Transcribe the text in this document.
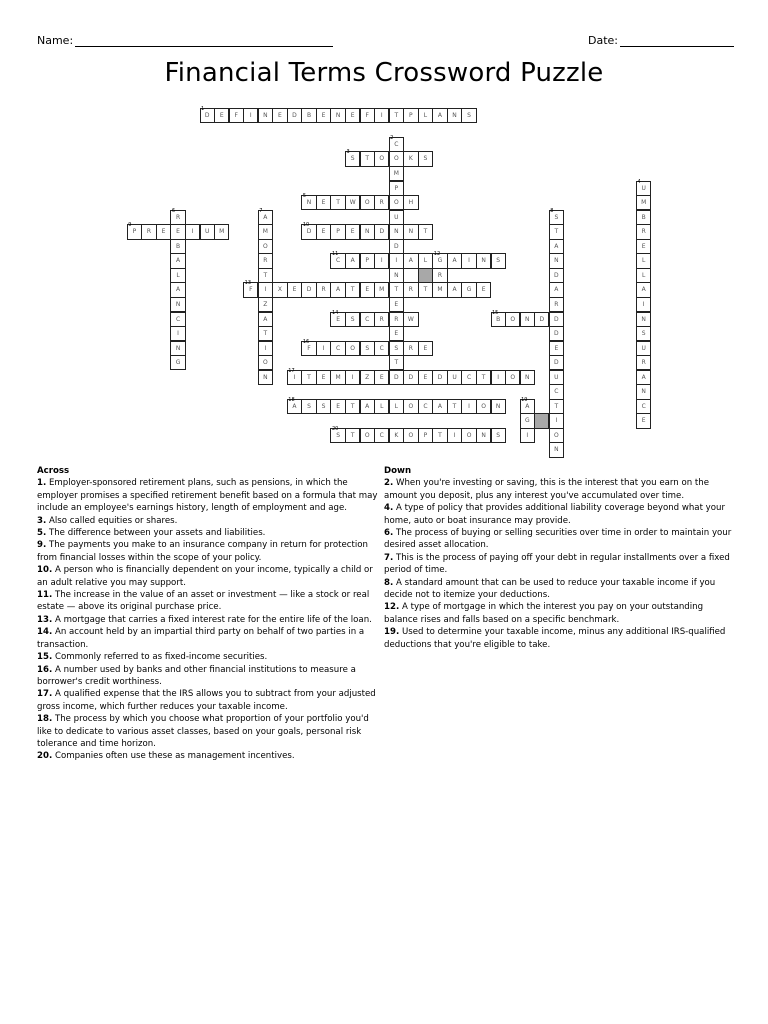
Name:	Date:
Financial Terms Crossword Puzzle
D
1
E	F	I	N	E	D	B	E	N	E	F	I	T	P	L	A	N	S
C
2
O
M
P
O
U
N
D
I
N
T
E
R
E
S
T
S
3
T	O	K	S
U
4
M
B
R
E
L
L
A
I
N
S
U
R
A
N
C
E
N
5
E	T	W	O	R	H
R
6
E
B
A
L
A
N
C
I
N
G
A
7
M
O
R
T
I
Z
A
T
I
O
N
S
8
T
A
N
D
A
R
D
D
E
D
U
C
T
I
O
N
P
9
R	E	I	U	M	D
10
E	P	E	N	D	N	T
C
11
A	P	I	A	L	G
12
A	I	N	S
R
M
F
13
X	E	D	R	A	T	E	M	R	T	A	G	E
E
14
S	C	R	W	B
15
O	N	D
F
16
I	C	O	S	C	R	E
I
17
T	E	M	I	Z	E	D	D	E	D	U	C	T	I	O	N
A
18
S	S	E	T	A	L	L	O	C	A	T	I	O	N	A
19
G
I
S
20
T	O	C	K	O	P	T	I	O	N	S
Across

1. Employer-sponsored retirement plans, such as pensions, in which the employer promises a specified retirement benefit based on a formula that may include an employee's earnings history, length of employment and age.

3. Also called equities or shares.

5. The difference between your assets and liabilities.

9. The payments you make to an insurance company in return for protection from financial losses within the scope of your policy.

10. A person who is financially dependent on your income, typically a child or an adult relative you may support.

11. The increase in the value of an asset or investment — like a stock or real estate — above its original purchase price.

13. A mortgage that carries a fixed interest rate for the entire life of the loan.

14. An account held by an impartial third party on behalf of two parties in a transaction.

15. Commonly referred to as fixed-income securities.

16. A number used by banks and other financial institutions to measure a borrower's credit worthiness.

17. A qualified expense that the IRS allows you to subtract from your adjusted gross income, which further reduces your taxable income.

18. The process by which you choose what proportion of your portfolio you'd like to dedicate to various asset classes, based on your goals, personal risk tolerance and time horizon.

20. Companies often use these as management incentives.

Down

2. When you're investing or saving, this is the interest that you earn on the amount you deposit, plus any interest you've accumulated over time.

4. A type of policy that provides additional liability coverage beyond what your home, auto or boat insurance may provide.

6. The process of buying or selling securities over time in order to maintain your desired asset allocation.

7. This is the process of paying off your debt in regular installments over a fixed period of time.

8. A standard amount that can be used to reduce your taxable income if you decide not to itemize your deductions.

12. A type of mortgage in which the interest you pay on your outstanding balance rises and falls based on a specific benchmark.

19. Used to determine your taxable income, minus any additional IRS-qualified deductions that you're eligible to take.
